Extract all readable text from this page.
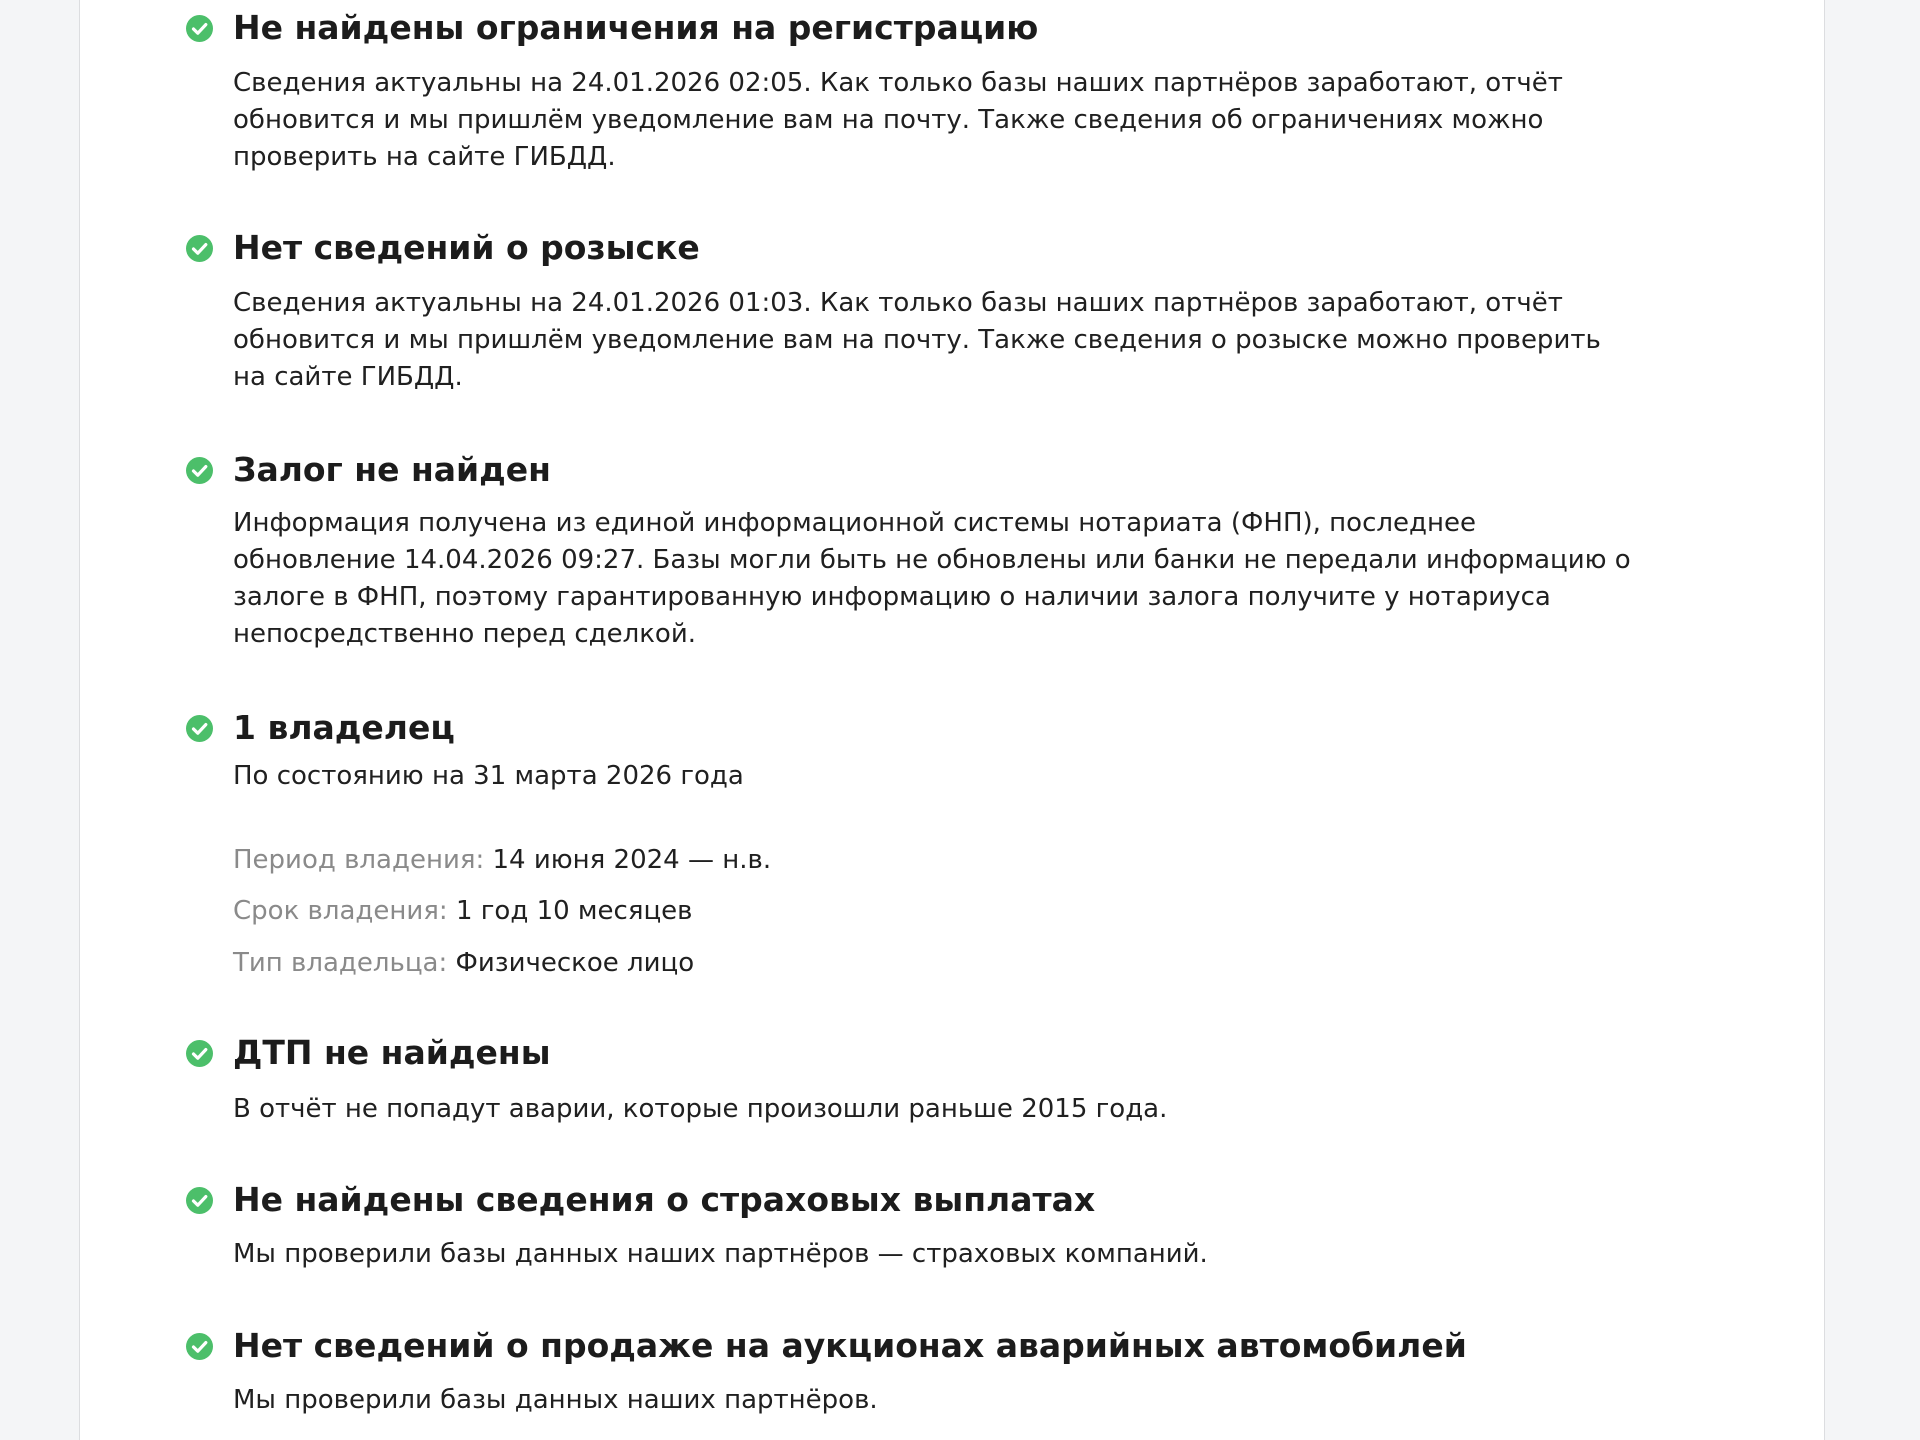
Не найдены ограничения на регистрацию
Сведения актуальны на 24.01.2026 02:05. Как только базы наших партнёров заработают, отчёт
обновится и мы пришлём уведомление вам на почту. Также сведения об ограничениях можно
проверить на сайте ГИБДД.
Нет сведений о розыске
Сведения актуальны на 24.01.2026 01:03. Как только базы наших партнёров заработают, отчёт
обновится и мы пришлём уведомление вам на почту. Также сведения о розыске можно проверить
на сайте ГИБДД.
Залог не найден
Информация получена из единой информационной системы нотариата (ФНП), последнее
обновление 14.04.2026 09:27. Базы могли быть не обновлены или банки не передали информацию о
залоге в ФНП, поэтому гарантированную информацию о наличии залога получите у нотариуса
непосредственно перед сделкой.
1 владелец
По состоянию на 31 марта 2026 года
Период владения: 14 июня 2024 — н.в.
Срок владения: 1 год 10 месяцев
Тип владельца: Физическое лицо
ДТП не найдены
В отчёт не попадут аварии, которые произошли раньше 2015 года.
Не найдены сведения о страховых выплатах
Мы проверили базы данных наших партнёров — страховых компаний.
Нет сведений о продаже на аукционах аварийных автомобилей
Мы проверили базы данных наших партнёров.
